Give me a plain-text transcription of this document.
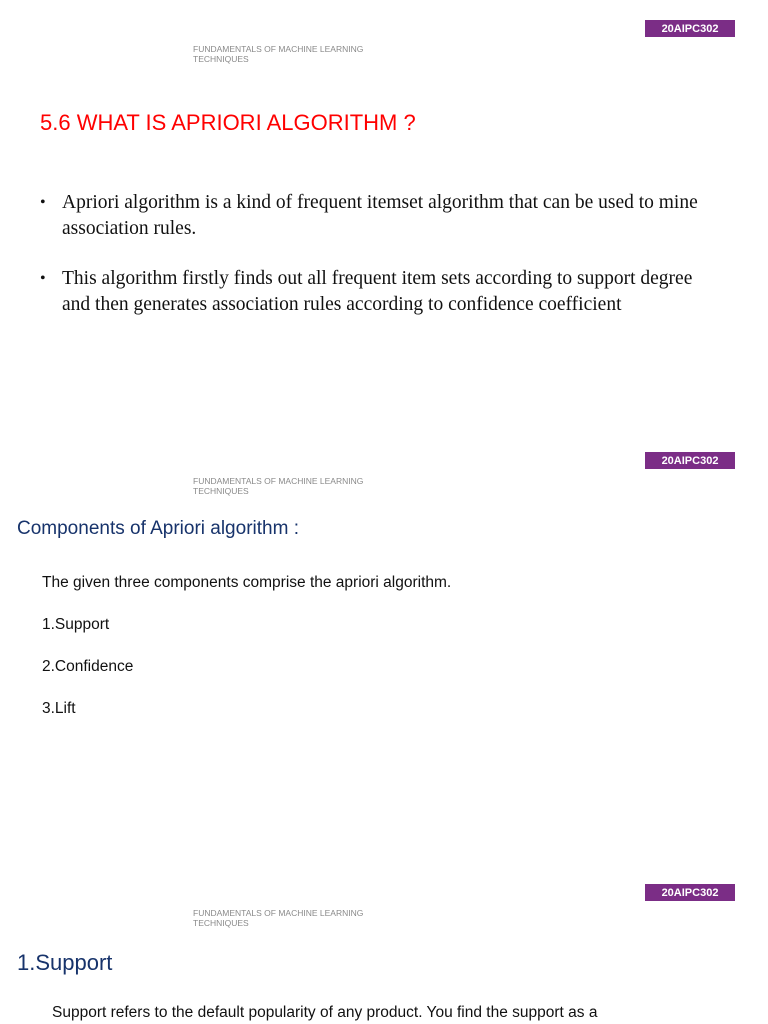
20AIPC302
FUNDAMENTALS OF MACHINE LEARNING TECHNIQUES
5.6 WHAT IS APRIORI ALGORITHM ?
• Apriori algorithm is a kind of frequent itemset algorithm that can be used to mine association rules.
• This algorithm firstly finds out all frequent item sets according to support degree and then generates association rules according to confidence coefficient
20AIPC302
FUNDAMENTALS OF MACHINE LEARNING TECHNIQUES
Components of Apriori algorithm :

The given three components comprise the apriori algorithm.

1.Support

2.Confidence

3.Lift

20AIPC302
FUNDAMENTALS OF MACHINE LEARNING TECHNIQUES
1.Support

Support refers to the default popularity of any product. You find the support as a
